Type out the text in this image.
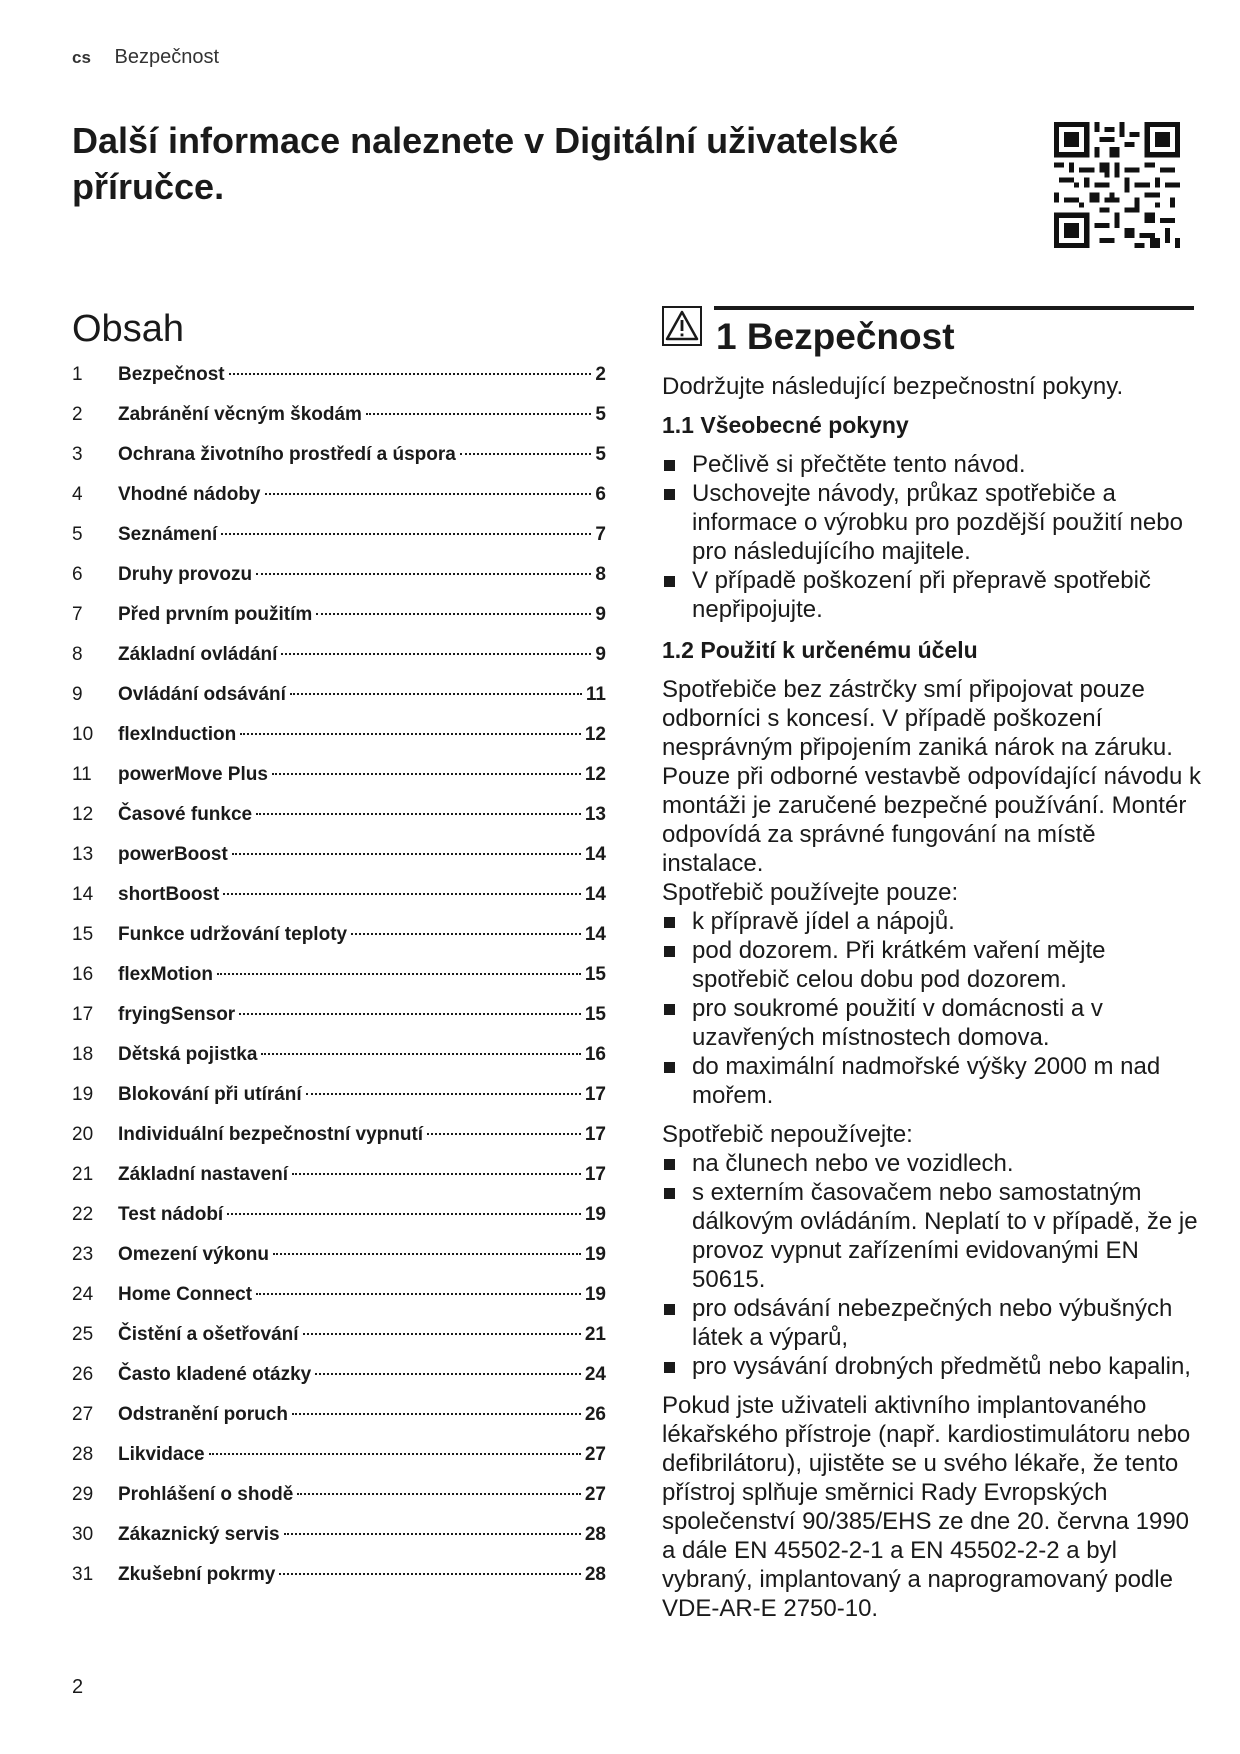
cs Bezpečnost
Další informace naleznete v Digitální uživatelské příručce.
Obsah
1	Bezpečnost	2
2	Zabránění věcným škodám	5
3	Ochrana životního prostředí a úspora	5
4	Vhodné nádoby	6
5	Seznámení	7
6	Druhy provozu	8
7	Před prvním použitím	9
8	Základní ovládání	9
9	Ovládání odsávání	11
10	flexInduction	12
11	powerMove Plus	12
12	Časové funkce	13
13	powerBoost	14
14	shortBoost	14
15	Funkce udržování teploty	14
16	flexMotion	15
17	fryingSensor	15
18	Dětská pojistka	16
19	Blokování při utírání	17
20	Individuální bezpečnostní vypnutí	17
21	Základní nastavení	17
22	Test nádobí	19
23	Omezení výkonu	19
24	Home Connect	19
25	Čistění a ošetřování	21
26	Často kladené otázky	24
27	Odstranění poruch	26
28	Likvidace	27
29	Prohlášení o shodě	27
30	Zákaznický servis	28
31	Zkušební pokrmy	28
1 Bezpečnost

Dodržujte následující bezpečnostní pokyny.

1.1 Všeobecné pokyny
Pečlivě si přečtěte tento návod.
Uschovejte návody, průkaz spotřebiče a informace o výrobku pro pozdější použití nebo pro následujícího majitele.
V případě poškození při přepravě spotřebič nepřipojujte.
1.2 Použití k určenému účelu

Spotřebiče bez zástrčky smí připojovat pouze odborníci s koncesí. V případě poškození nesprávným připojením zaniká nárok na záruku. Pouze při odborné vestavbě odpovídající návodu k montáži je zaručené bezpečné používání. Montér odpovídá za správné fungování na místě instalace.

Spotřebič používejte pouze:

k přípravě jídel a nápojů.
pod dozorem. Při krátkém vaření mějte spotřebič celou dobu pod dozorem.
pro soukromé použití v domácnosti a v uzavřených místnostech domova.
do maximální nadmořské výšky 2000 m nad mořem.

Spotřebič nepoužívejte:

na člunech nebo ve vozidlech.
s externím časovačem nebo samostatným dálkovým ovládáním. Neplatí to v případě, že je provoz vypnut zařízeními evidovanými EN 50615.
pro odsávání nebezpečných nebo výbušných látek a výparů,
pro vysávání drobných předmětů nebo kapalin,

Pokud jste uživateli aktivního implantovaného lékařského přístroje (např. kardiostimulátoru nebo defibrilátoru), ujistěte se u svého lékaře, že tento přístroj splňuje směrnici Rady Evropských společenství 90/385/EHS ze dne 20. června 1990 a dále EN 45502-2-1 a EN 45502-2-2 a byl vybraný, implantovaný a naprogramovaný podle VDE-AR-E 2750-10.

2
